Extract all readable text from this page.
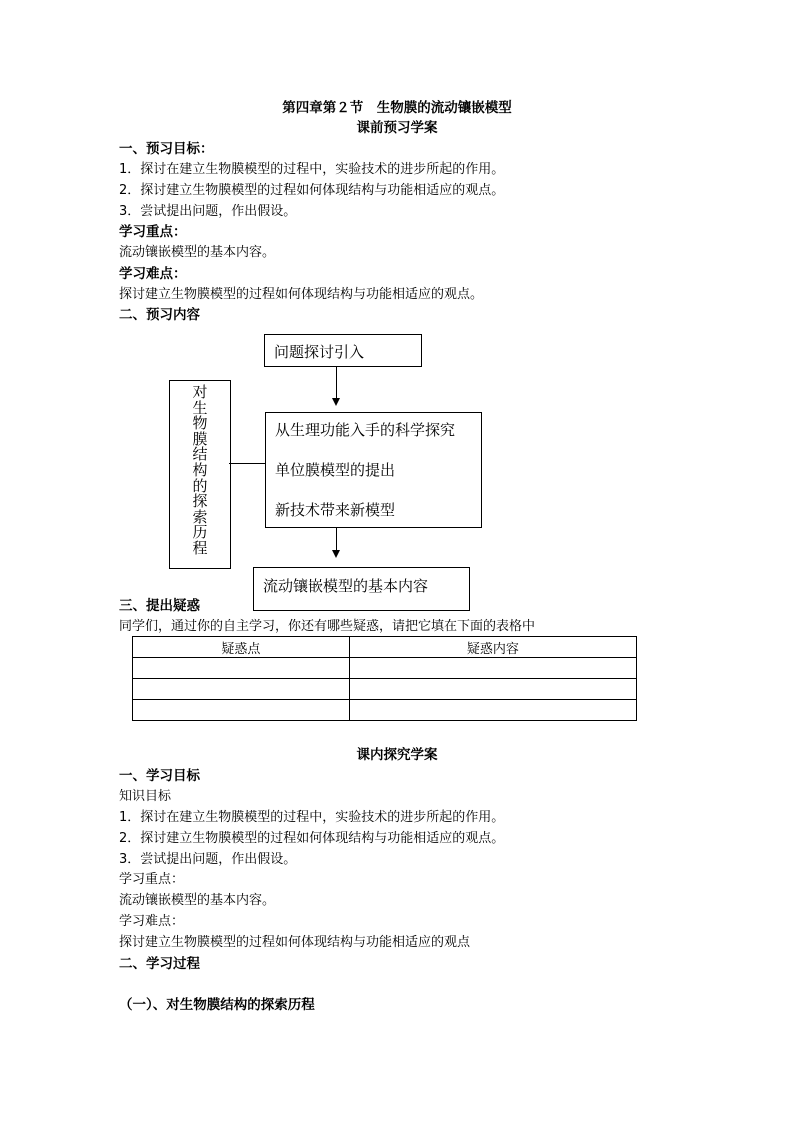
第四章第２节　生物膜的流动镶嵌模型
课前预习学案
一、预习目标：
1．探讨在建立生物膜模型的过程中，实验技术的进步所起的作用。
2．探讨建立生物膜模型的过程如何体现结构与功能相适应的观点。
3．尝试提出问题，作出假设。
学习重点：
流动镶嵌模型的基本内容。
学习难点：
探讨建立生物膜模型的过程如何体现结构与功能相适应的观点。
二、预习内容
问题探讨引入
对生物膜结构的探索历程
从生理功能入手的科学探究
单位膜模型的提出
新技术带来新模型
流动镶嵌模型的基本内容
三、提出疑惑
同学们，通过你的自主学习，你还有哪些疑惑，请把它填在下面的表格中
疑惑点	疑惑内容

课内探究学案
一、学习目标
知识目标
1．探讨在建立生物膜模型的过程中，实验技术的进步所起的作用。
2．探讨建立生物膜模型的过程如何体现结构与功能相适应的观点。
3．尝试提出问题，作出假设。
学习重点：
流动镶嵌模型的基本内容。
学习难点：
探讨建立生物膜模型的过程如何体现结构与功能相适应的观点
二、学习过程
（一）、对生物膜结构的探索历程
